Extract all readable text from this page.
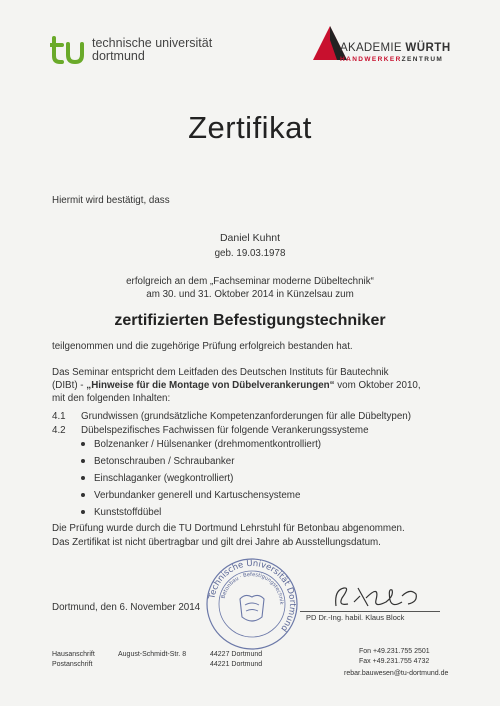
technische universität
dortmund
AKADEMIE WÜRTH
HANDWERKERZENTRUM
Zertifikat
Hiermit wird bestätigt, dass
Daniel Kuhnt
geb. 19.03.1978
erfolgreich an dem „Fachseminar moderne Dübeltechnik“
am 30. und 31. Oktober 2014 in Künzelsau zum
zertifizierten Befestigungstechniker
teilgenommen und die zugehörige Prüfung erfolgreich bestanden hat.
Das Seminar entspricht dem Leitfaden des Deutschen Instituts für Bautechnik
(DIBt) - „Hinweise für die Montage von Dübelverankerungen“ vom Oktober 2010,
mit den folgenden Inhalten:
4.1 Grundwissen (grundsätzliche Kompetenzanforderungen für alle Dübeltypen)
4.2 Dübelspezifisches Fachwissen für folgende Verankerungssysteme
Bolzenanker / Hülsenanker (drehmomentkontrolliert)
Betonschrauben / Schraubanker
Einschlaganker (wegkontrolliert)
Verbundanker generell und Kartuschensysteme
Kunststoffdübel
Die Prüfung wurde durch die TU Dortmund Lehrstuhl für Betonbau abgenommen.
Das Zertifikat ist nicht übertragbar und gilt drei Jahre ab Ausstellungsdatum.
Technische Universität Dortmund
Betonbau · Befestigungstechnik
Dortmund, den 6. November 2014
PD Dr.-Ing. habil. Klaus Block
Hausanschrift
Postanschrift
August-Schmidt-Str. 8	44227 Dortmund
44221 Dortmund
Fon +49.231.755 2501
Fax +49.231.755 4732
rebar.bauwesen@tu-dortmund.de
